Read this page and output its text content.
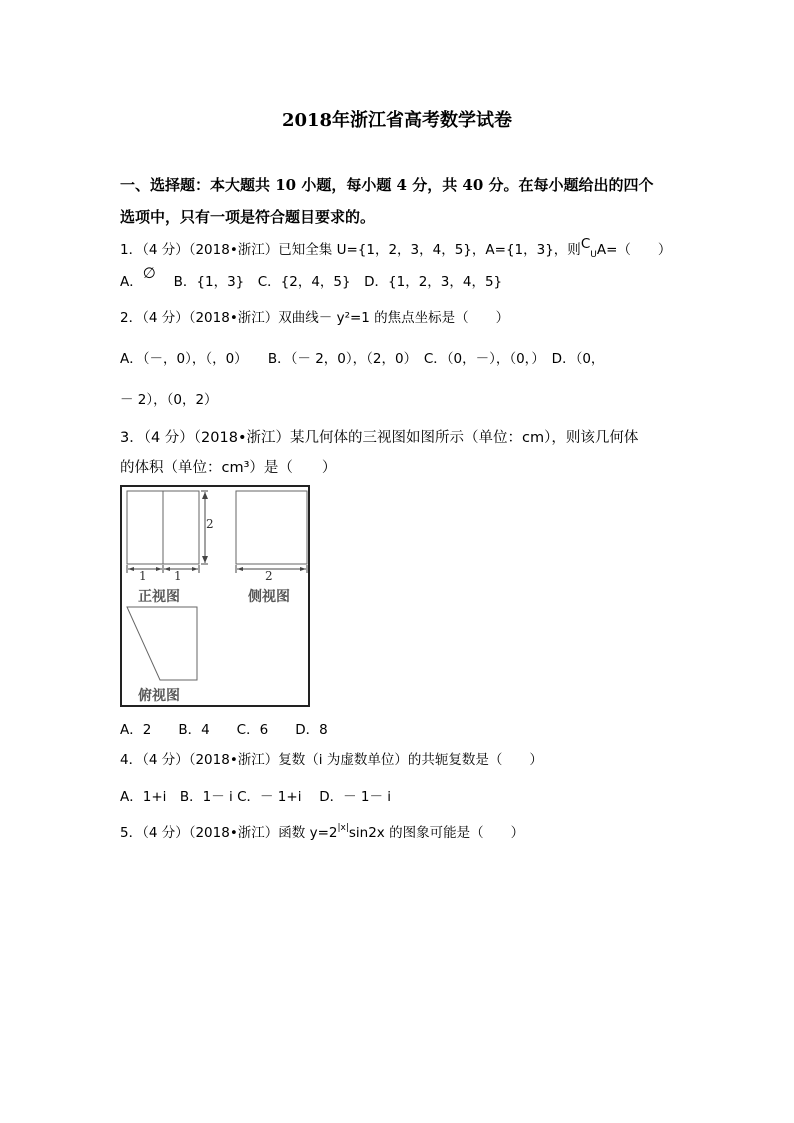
2018年浙江省高考数学试卷
一、选择题：本大题共 10 小题，每小题 4 分，共 40 分。在每小题给出的四个
选项中，只有一项是符合题目要求的。
1．（4 分）（2018•浙江）已知全集 U={1，2，3，4，5}，A={1，3}，则$C_UA=$（　　）
A．∅　 B．{1，3}　C．{2，4，5}　D．{1，2，3，4，5}
2．（4 分）（2018•浙江）双曲线－ y²=1 的焦点坐标是（　　）
A．（－，0），（，0）　　B．（－ 2，0），（2，0）　C．（0，－），（0，）　D．（0，
－ 2），（0，2）
3．（4 分）（2018•浙江）某几何体的三视图如图所示（单位：cm），则该几何体
的体积（单位：cm³）是（　　）
2
1 1	2
正视图	侧视图
俯视图
A．2　　B．4　　C．6　　D．8
4．（4 分）（2018•浙江）复数（i 为虚数单位）的共轭复数是（　　）
A．1+i　B．1－ i C．－ 1+i　 D．－ 1－ i
5．（4 分）（2018•浙江）函数 $y=2^{|x|}\sin 2x$ 的图象可能是（　　）
